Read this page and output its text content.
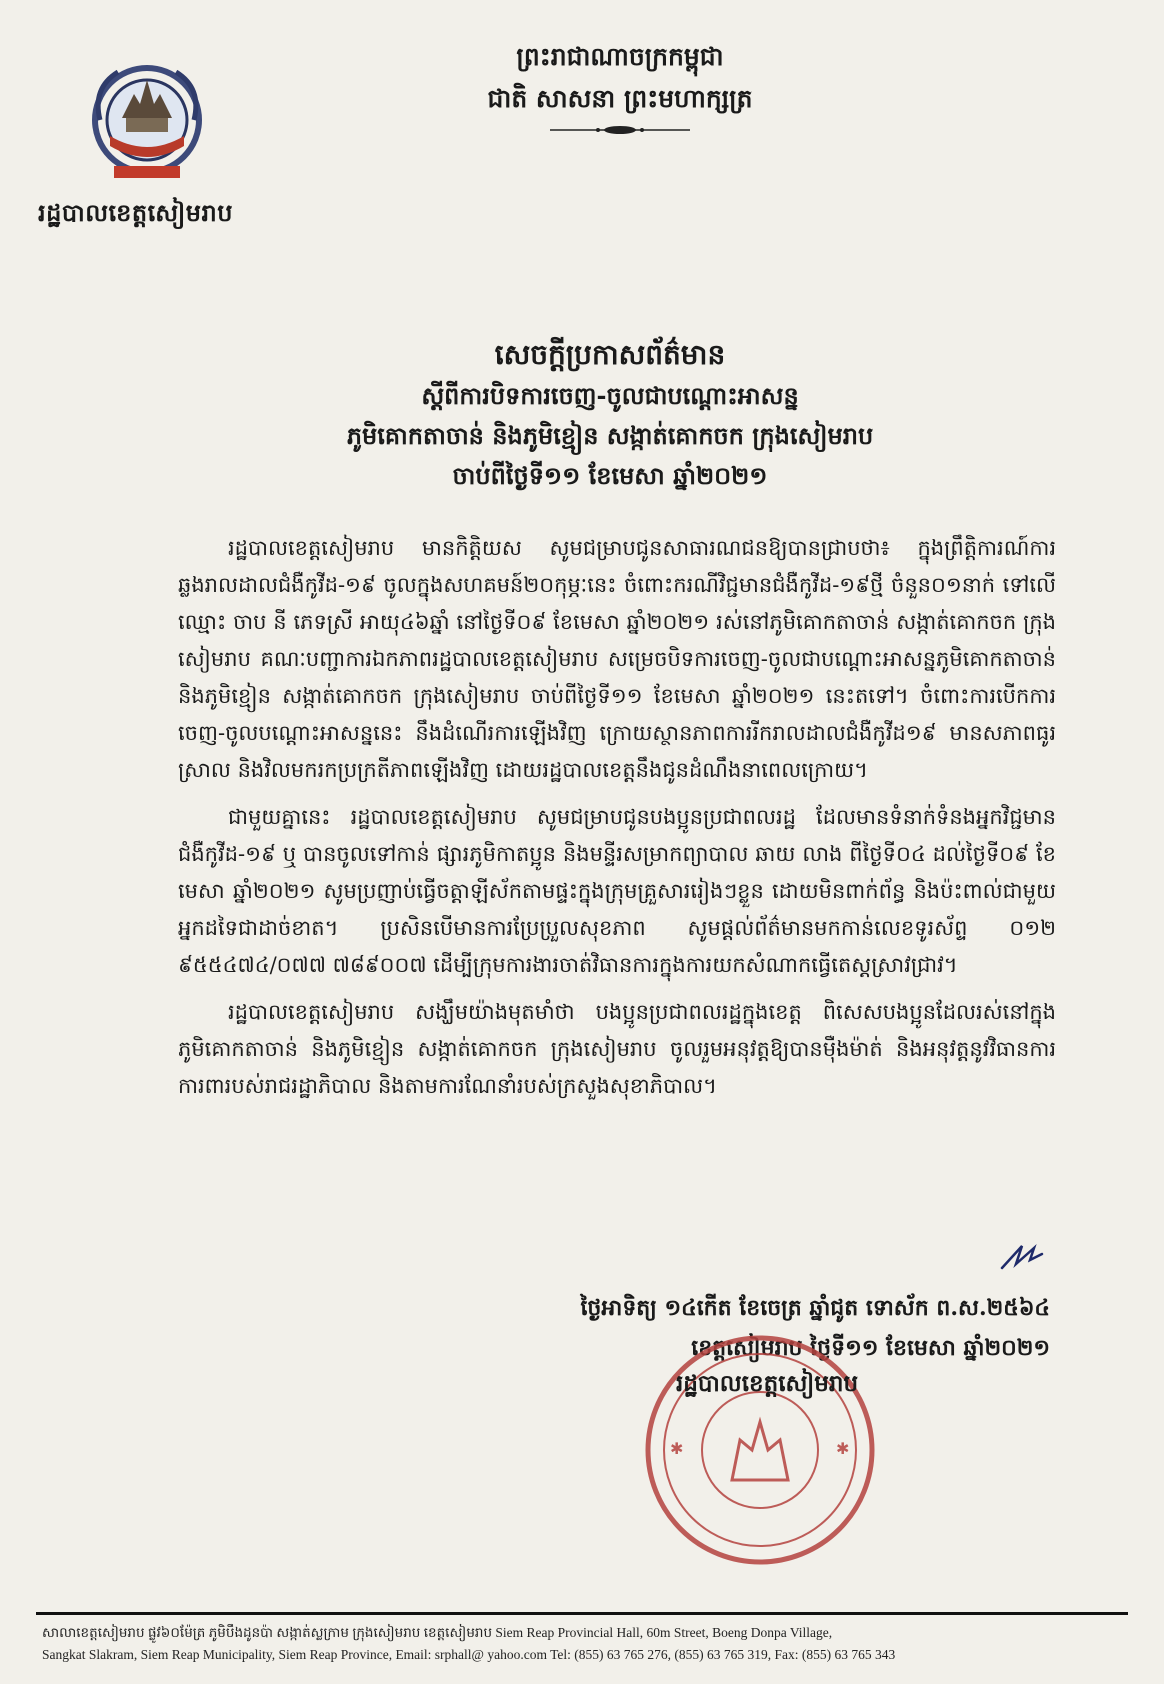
រដ្ឋបាលខេត្តសៀមរាប
ព្រះរាជាណាចក្រកម្ពុជា
ជាតិ សាសនា ព្រះមហាក្សត្រ
សេចក្តីប្រកាសព័ត៌មាន
ស្តីពីការបិទការចេញ-ចូលជាបណ្តោះអាសន្ន
ភូមិគោកតាចាន់ និងភូមិខ្មៀន សង្កាត់គោកចក ក្រុងសៀមរាប
ចាប់ពីថ្ងៃទី១១ ខែមេសា ឆ្នាំ២០២១

រដ្ឋបាលខេត្តសៀមរាប មានកិត្តិយស សូមជម្រាបជូនសាធារណជនឱ្យបានជ្រាបថា៖ ក្នុងព្រឹត្តិការណ៍ការឆ្លងរាលដាលជំងឺកូវីដ-១៩ ចូលក្នុងសហគមន៍២០កុម្ភៈនេះ ចំពោះករណីវិជ្ជមានជំងឺកូវីដ-១៩ថ្មី ចំនួន០១នាក់ ទៅលើឈ្មោះ ចាប នី ភេទស្រី អាយុ៤៦ឆ្នាំ នៅថ្ងៃទី០៩ ខែមេសា ឆ្នាំ២០២១ រស់នៅភូមិគោកតាចាន់ សង្កាត់គោកចក ក្រុងសៀមរាប គណៈបញ្ជាការឯកភាពរដ្ឋបាលខេត្តសៀមរាប សម្រេចបិទការចេញ-ចូលជាបណ្តោះអាសន្នភូមិគោកតាចាន់ និងភូមិខ្មៀន សង្កាត់គោកចក ក្រុងសៀមរាប ចាប់ពីថ្ងៃទី១១ ខែមេសា ឆ្នាំ២០២១ នេះតទៅ។ ចំពោះការបើកការចេញ-ចូលបណ្តោះអាសន្ននេះ នឹងដំណើរការឡើងវិញ ក្រោយស្ថានភាពការរីករាលដាលជំងឺកូវីដ១៩ មានសភាពធូរស្រាល និងវិលមករកប្រក្រតីភាពឡើងវិញ ដោយរដ្ឋបាលខេត្តនឹងជូនដំណឹងនាពេលក្រោយ។

ជាមួយគ្នានេះ រដ្ឋបាលខេត្តសៀមរាប សូមជម្រាបជូនបងប្អូនប្រជាពលរដ្ឋ ដែលមានទំនាក់ទំនងអ្នកវិជ្ជមានជំងឺកូវីដ-១៩ ឬ បានចូលទៅកាន់ ផ្សារភូមិកាតប្អូន និងមន្ទីរសម្រាកព្យាបាល ឆាយ លាង ពីថ្ងៃទី០៤ ដល់ថ្ងៃទី០៩ ខែមេសា ឆ្នាំ២០២១ សូមប្រញាប់ធ្វើចត្តាឡីស័កតាមផ្ទះក្នុងក្រុមគ្រួសាររៀងៗខ្លួន ដោយមិនពាក់ព័ន្ធ និងប៉ះពាល់ជាមួយអ្នកដទៃជាដាច់ខាត។ ប្រសិនបើមានការប្រែប្រួលសុខភាព សូមផ្តល់ព័ត៌មានមកកាន់លេខទូរស័ព្ទ ០១២ ៩៥៥៤៧៤/០៧៧ ៧៨៩០០៧ ដើម្បីក្រុមការងារចាត់វិធានការក្នុងការយកសំណាកធ្វើតេស្តស្រាវជ្រាវ។

រដ្ឋបាលខេត្តសៀមរាប សង្ឃឹមយ៉ាងមុតមាំថា បងប្អូនប្រជាពលរដ្ឋក្នុងខេត្ត ពិសេសបងប្អូនដែលរស់នៅក្នុងភូមិគោកតាចាន់ និងភូមិខ្មៀន សង្កាត់គោកចក ក្រុងសៀមរាប ចូលរួមអនុវត្តឱ្យបានម៉ឺងម៉ាត់ និងអនុវត្តនូវវិធានការការពារបស់រាជរដ្ឋាភិបាល និងតាមការណែនាំរបស់ក្រសួងសុខាភិបាល។

ថ្ងៃអាទិត្យ ១៤កើត ខែចេត្រ ឆ្នាំជូត ទោស័ក ព.ស.២៥៦៤
ខេត្តសៀមរាប ថ្ងៃទី១១ ខែមេសា ឆ្នាំ២០២១
✱	✱
រដ្ឋបាលខេត្តសៀមរាប
សាលាខេត្តសៀមរាប ផ្លូវ៦០ម៉ែត្រ ភូមិបឹងដូនប៉ា សង្កាត់ស្លក្រាម ក្រុងសៀមរាប ខេត្តសៀមរាប Siem Reap Provincial Hall, 60m Street, Boeng Donpa Village,
Sangkat Slakram, Siem Reap Municipality, Siem Reap Province, Email: srphall@ yahoo.com Tel: (855) 63 765 276, (855) 63 765 319, Fax: (855) 63 765 343
